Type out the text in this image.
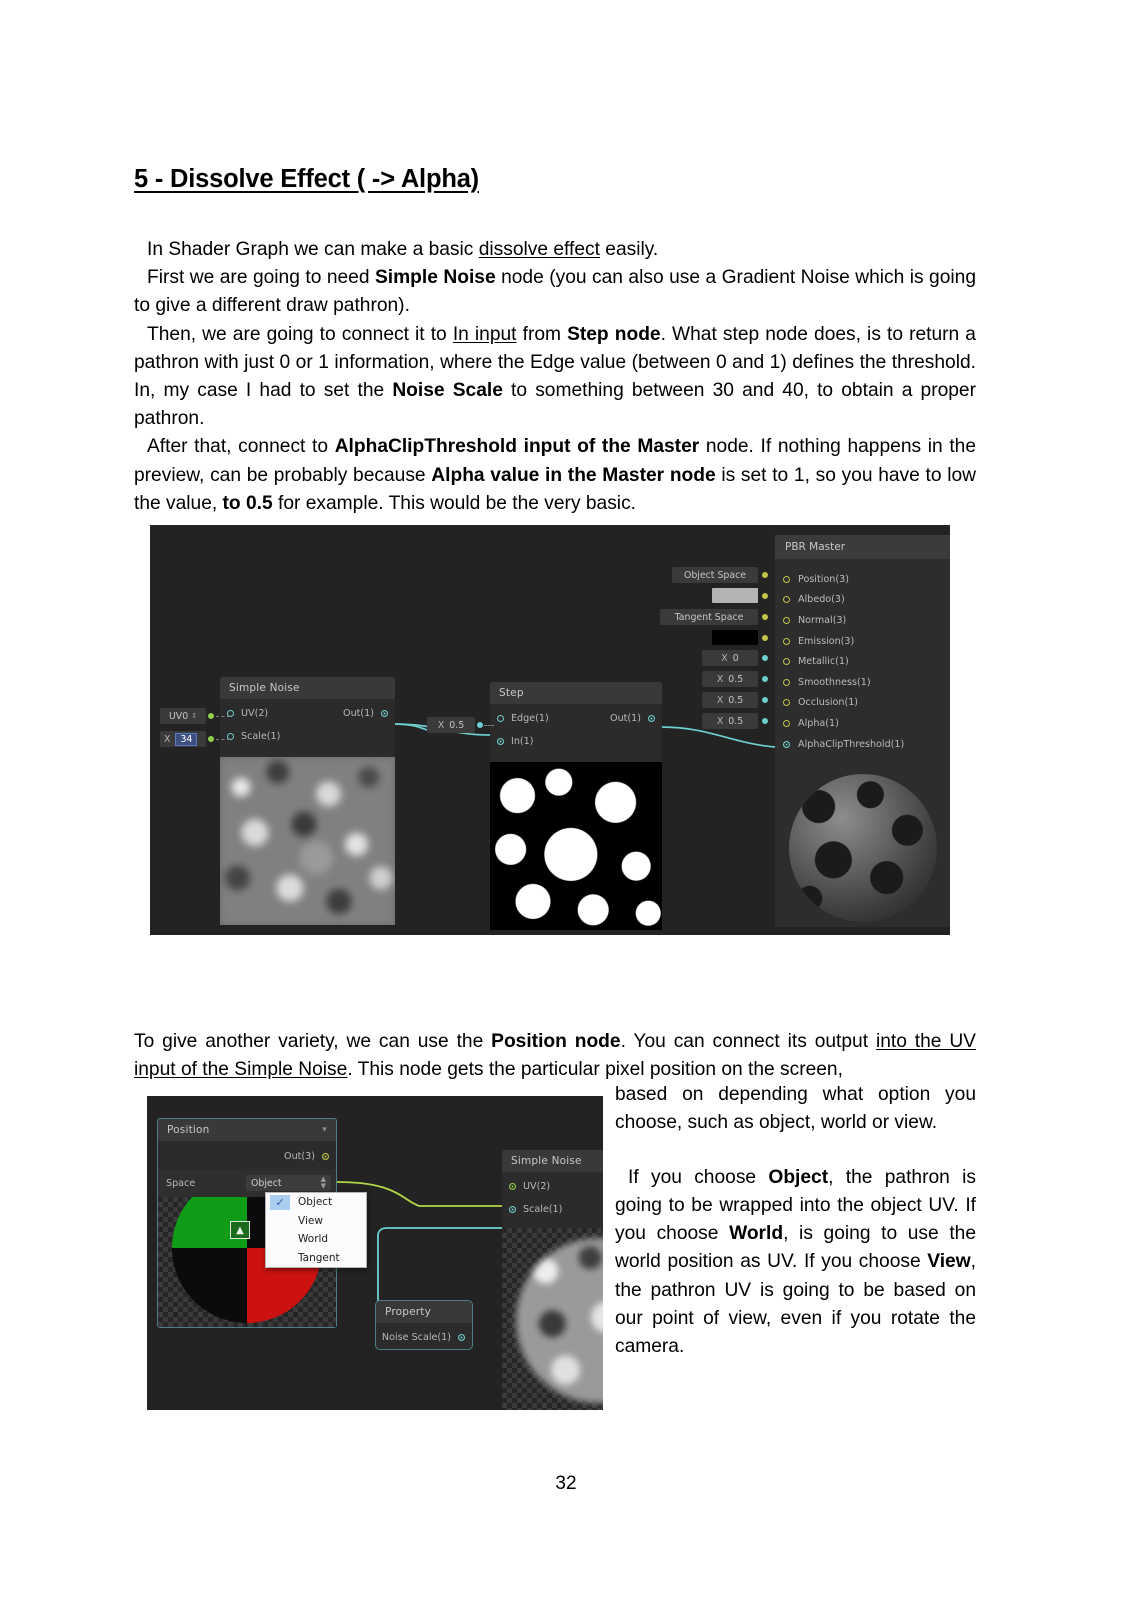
5 - Dissolve Effect ( -> Alpha)

In Shader Graph we can make a basic dissolve effect easily.

First we are going to need Simple Noise node (you can also use a Gradient Noise which is going to give a different draw pathron).

Then, we are going to connect it to In input from Step node. What step node does, is to return a pathron with just 0 or 1 information, where the Edge value (between 0 and 1) defines the threshold. In, my case I had to set the Noise Scale to something between 30 and 40, to obtain a proper pathron.

After that, connect to AlphaClipThreshold input of the Master node. If nothing happens in the preview, can be probably because Alpha value in the Master node is set to 1, so you have to low the value, to 0.5 for example. This would be the very basic.

Simple Noise
UV(2)
Scale(1)
Out(1)
UV0 ↕
X	34
Step
Edge(1)
In(1)
Out(1)
X 0.5
PBR Master
Position(3)
Albedo(3)
Normal(3)
Emission(3)
Metallic(1)
Smoothness(1)
Occlusion(1)
Alpha(1)
AlphaClipThreshold(1)
Object Space
Tangent Space
X 0
X 0.5
X 0.5
X 0.5
To give another variety, we can use the Position node. You can connect its output into the UV input of the Simple Noise. This node gets the particular pixel position on the screen,

based on depending what option you choose, such as object, world or view.

If you choose Object, the pathron is going to be wrapped into the object UV. If you choose World, is going to use the world position as UV. If you choose View, the pathron UV is going to be based on our point of view, even if you rotate the camera.

Position	▾
Out(3)
Space	Object	▲
▼
▲
✓	Object
View
World
Tangent
Simple Noise
UV(2)
Scale(1)
Property
Noise Scale(1)
32
